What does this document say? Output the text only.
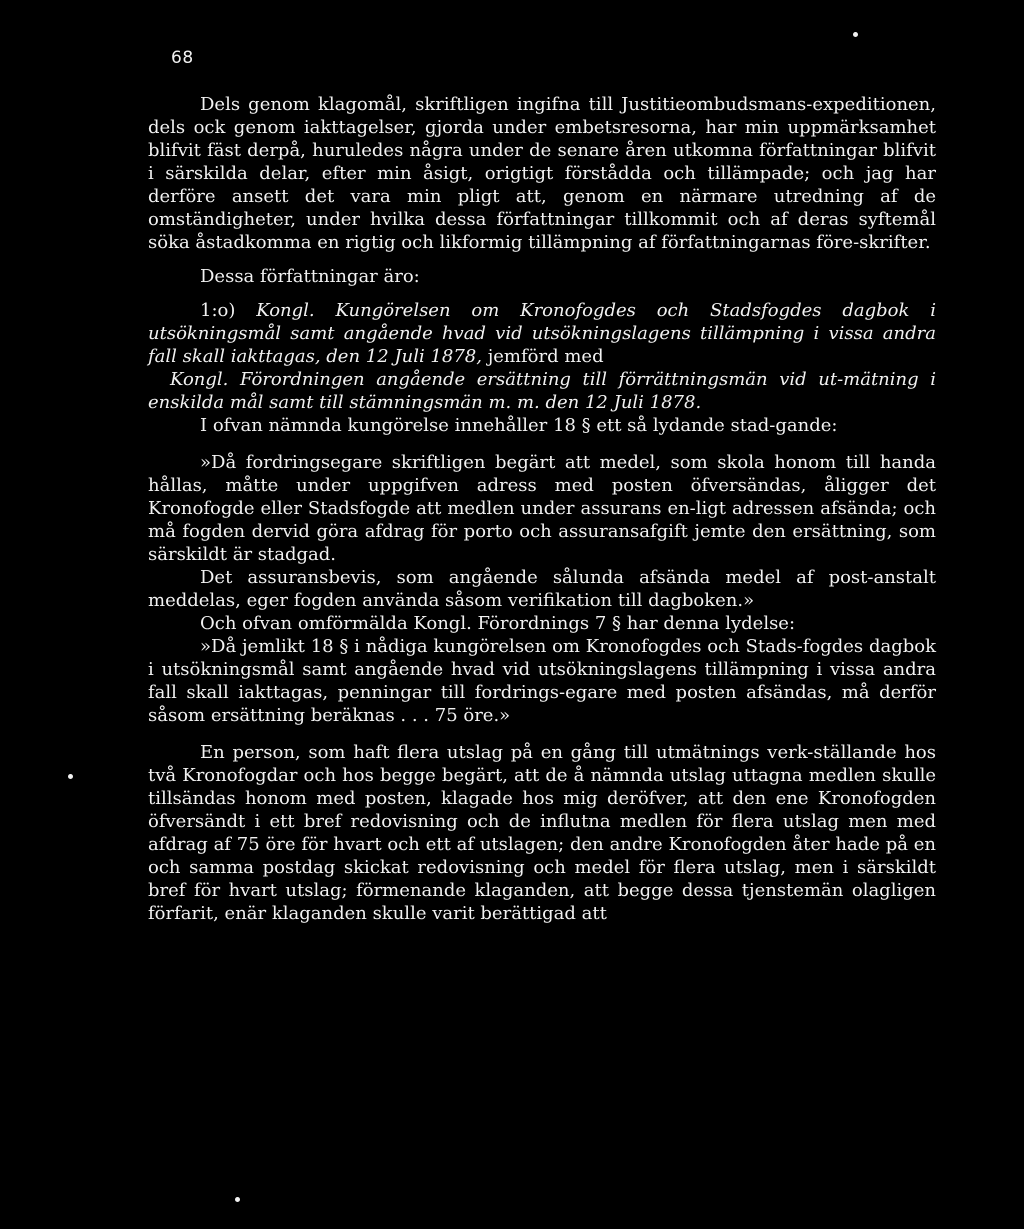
68

Dels genom klagomål, skriftligen ingifna till Justitieombudsmans-expeditionen, dels ock genom iakttagelser, gjorda under embetsresorna, har min uppmärksamhet blifvit fäst derpå, huruledes några under de senare åren utkomna författningar blifvit i särskilda delar, efter min åsigt, origtigt förstådda och tillämpade; och jag har derföre ansett det vara min pligt att, genom en närmare utredning af de omständigheter, under hvilka dessa författningar tillkommit och af deras syftemål söka åstadkomma en rigtig och likformig tillämpning af författningarnas före-skrifter.

Dessa författningar äro:

1:o) Kongl. Kungörelsen om Kronofogdes och Stadsfogdes dagbok i utsökningsmål samt angående hvad vid utsökningslagens tillämpning i vissa andra fall skall iakttagas, den 12 Juli 1878, jemförd med

Kongl. Förordningen angående ersättning till förrättningsmän vid ut-mätning i enskilda mål samt till stämningsmän m. m. den 12 Juli 1878.

I ofvan nämnda kungörelse innehåller 18 § ett så lydande stad-gande:

»Då fordringsegare skriftligen begärt att medel, som skola honom till handa hållas, måtte under uppgifven adress med posten öfversändas, åligger det Kronofogde eller Stadsfogde att medlen under assurans en-ligt adressen afsända; och må fogden dervid göra afdrag för porto och assuransafgift jemte den ersättning, som särskildt är stadgad.

Det assuransbevis, som angående sålunda afsända medel af post-anstalt meddelas, eger fogden använda såsom verifikation till dagboken.»

Och ofvan omförmälda Kongl. Förordnings 7 § har denna lydelse:

»Då jemlikt 18 § i nådiga kungörelsen om Kronofogdes och Stads-fogdes dagbok i utsökningsmål samt angående hvad vid utsökningslagens tillämpning i vissa andra fall skall iakttagas, penningar till fordrings-egare med posten afsändas, må derför såsom ersättning beräknas . . . 75 öre.»

En person, som haft flera utslag på en gång till utmätnings verk-ställande hos två Kronofogdar och hos begge begärt, att de å nämnda utslag uttagna medlen skulle tillsändas honom med posten, klagade hos mig deröfver, att den ene Kronofogden öfversändt i ett bref redovisning och de influtna medlen för flera utslag men med afdrag af 75 öre för hvart och ett af utslagen; den andre Kronofogden åter hade på en och samma postdag skickat redovisning och medel för flera utslag, men i särskildt bref för hvart utslag; förmenande klaganden, att begge dessa tjenstemän olagligen förfarit, enär klaganden skulle varit berättigad att
